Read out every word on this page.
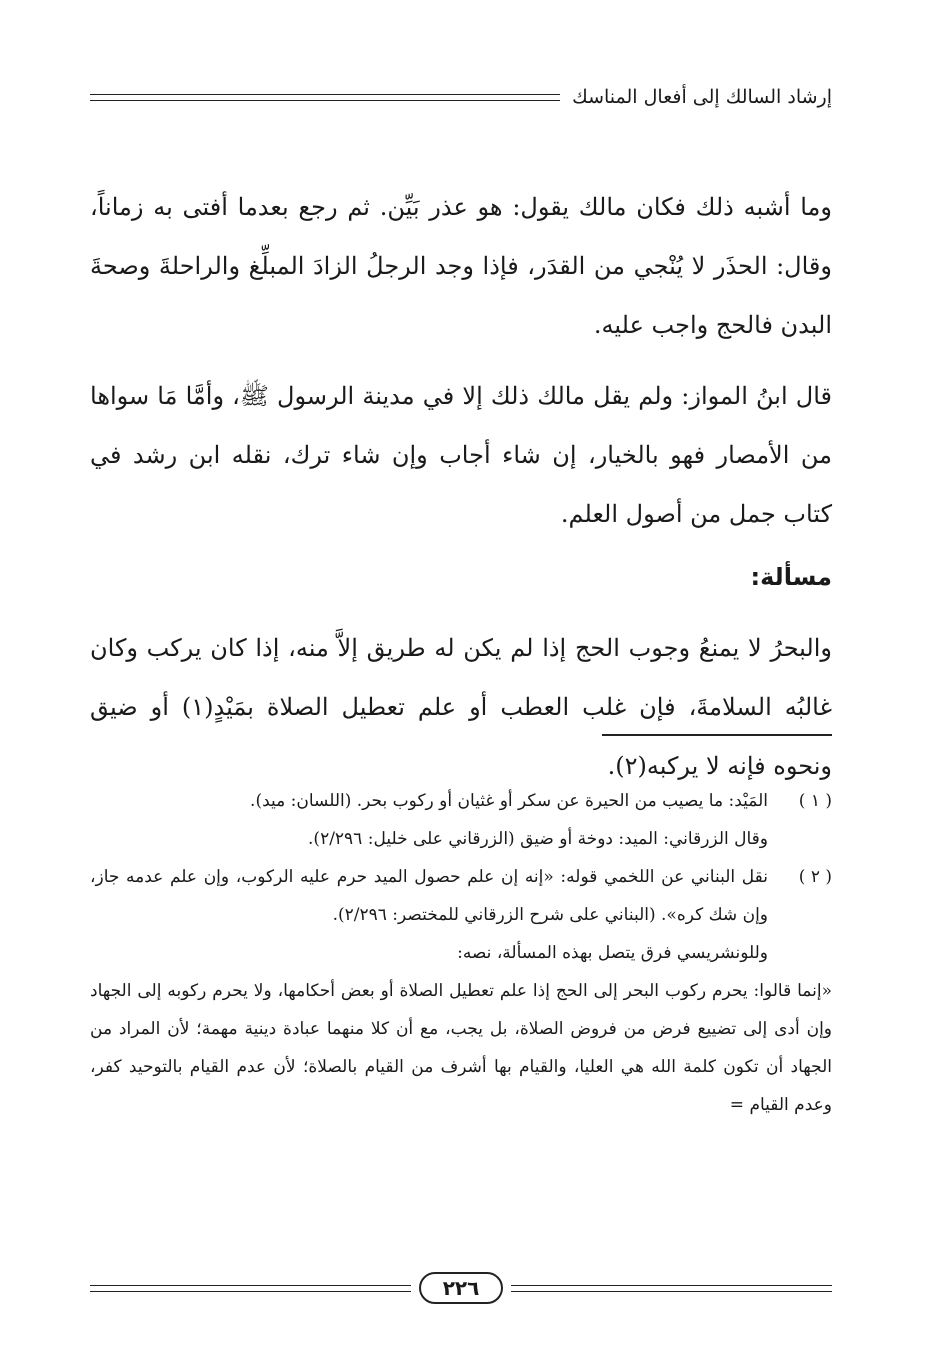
إرشاد السالك إلى أفعال المناسك

وما أشبه ذلك فكان مالك يقول: هو عذر بَيِّن. ثم رجع بعدما أفتى به زماناً، وقال: الحذَر لا يُنْجي من القدَر، فإذا وجد الرجلُ الزادَ المبلِّغ والراحلةَ وصحةَ البدن فالحج واجب عليه.

قال ابنُ المواز: ولم يقل مالك ذلك إلا في مدينة الرسول ﷺ، وأمَّا مَا سواها من الأمصار فهو بالخيار، إن شاء أجاب وإن شاء ترك، نقله ابن رشد في كتاب جمل من أصول العلم.

مسألة:

والبحرُ لا يمنعُ وجوب الحج إذا لم يكن له طريق إلاَّ منه، إذا كان يركب وكان غالبُه السلامةَ، فإن غلب العطب أو علم تعطيل الصلاة بمَيْدٍ(١) أو ضيق ونحوه فإنه لا يركبه(٢).

( ١ )

المَيْد: ما يصيب من الحيرة عن سكر أو غثيان أو ركوب بحر. (اللسان: ميد).

وقال الزرقاني: الميد: دوخة أو ضيق (الزرقاني على خليل: ٢/٢٩٦).

( ٢ )

نقل البناني عن اللخمي قوله: «إنه إن علم حصول الميد حرم عليه الركوب، وإن علم عدمه جاز، وإن شك كره». (البناني على شرح الزرقاني للمختصر: ٢/٢٩٦).

وللونشريسي فرق يتصل بهذه المسألة، نصه:

«إنما قالوا: يحرم ركوب البحر إلى الحج إذا علم تعطيل الصلاة أو بعض أحكامها، ولا يحرم ركوبه إلى الجهاد وإن أدى إلى تضييع فرض من فروض الصلاة، بل يجب، مع أن كلا منهما عبادة دينية مهمة؛ لأن المراد من الجهاد أن تكون كلمة الله هي العليا، والقيام بها أشرف من القيام بالصلاة؛ لأن عدم القيام بالتوحيد كفر، وعدم القيام =

٢٢٦
